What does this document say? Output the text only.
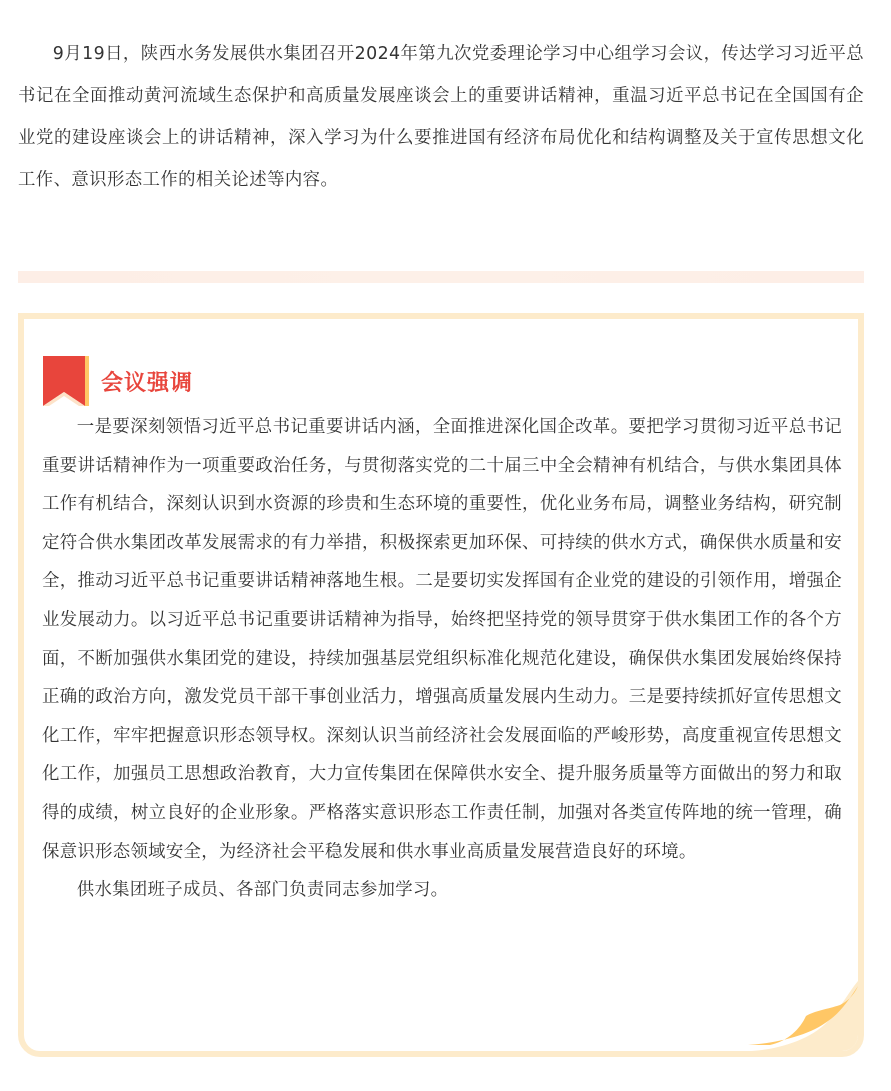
9月19日，陕西水务发展供水集团召开2024年第九次党委理论学习中心组学习会议，传达学习习近平总书记在全面推动黄河流域生态保护和高质量发展座谈会上的重要讲话精神，重温习近平总书记在全国国有企业党的建设座谈会上的讲话精神，深入学习为什么要推进国有经济布局优化和结构调整及关于宣传思想文化工作、意识形态工作的相关论述等内容。

会议强调

一是要深刻领悟习近平总书记重要讲话内涵，全面推进深化国企改革。要把学习贯彻习近平总书记重要讲话精神作为一项重要政治任务，与贯彻落实党的二十届三中全会精神有机结合，与供水集团具体工作有机结合，深刻认识到水资源的珍贵和生态环境的重要性，优化业务布局，调整业务结构，研究制定符合供水集团改革发展需求的有力举措，积极探索更加环保、可持续的供水方式，确保供水质量和安全，推动习近平总书记重要讲话精神落地生根。二是要切实发挥国有企业党的建设的引领作用，增强企业发展动力。以习近平总书记重要讲话精神为指导，始终把坚持党的领导贯穿于供水集团工作的各个方面，不断加强供水集团党的建设，持续加强基层党组织标准化规范化建设，确保供水集团发展始终保持正确的政治方向，激发党员干部干事创业活力，增强高质量发展内生动力。三是要持续抓好宣传思想文化工作，牢牢把握意识形态领导权。深刻认识当前经济社会发展面临的严峻形势，高度重视宣传思想文化工作，加强员工思想政治教育，大力宣传集团在保障供水安全、提升服务质量等方面做出的努力和取得的成绩，树立良好的企业形象。严格落实意识形态工作责任制，加强对各类宣传阵地的统一管理，确保意识形态领域安全，为经济社会平稳发展和供水事业高质量发展营造良好的环境。

供水集团班子成员、各部门负责同志参加学习。
